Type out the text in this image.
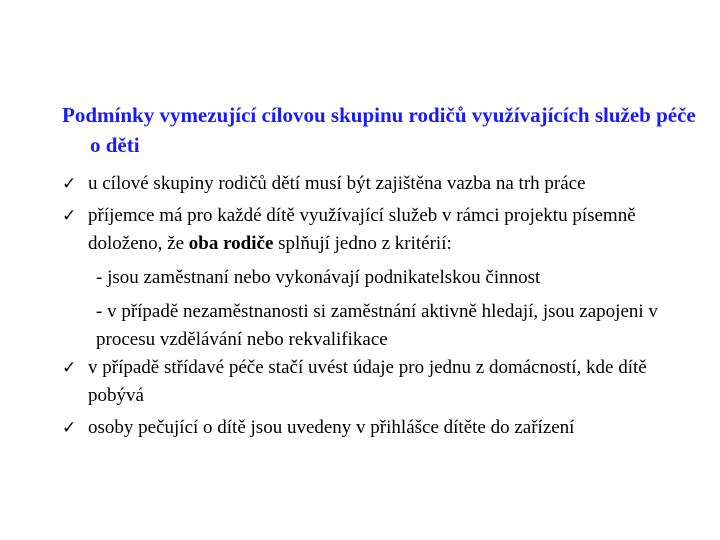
Podmínky vymezující cílovou skupinu rodičů využívajících služeb péče o děti
✓ u cílové skupiny rodičů dětí musí být zajištěna vazba na trh práce
✓ příjemce má pro každé dítě využívající služeb v rámci projektu písemně doloženo, že oba rodiče splňují jedno z kritérií:
- jsou zaměstnaní nebo vykonávají podnikatelskou činnost
- v případě nezaměstnanosti si zaměstnání aktivně hledají, jsou zapojeni v procesu vzdělávání nebo rekvalifikace
✓ v případě střídavé péče stačí uvést údaje pro jednu z domácností, kde dítě pobývá
✓ osoby pečující o dítě jsou uvedeny v přihlášce dítěte do zařízení
